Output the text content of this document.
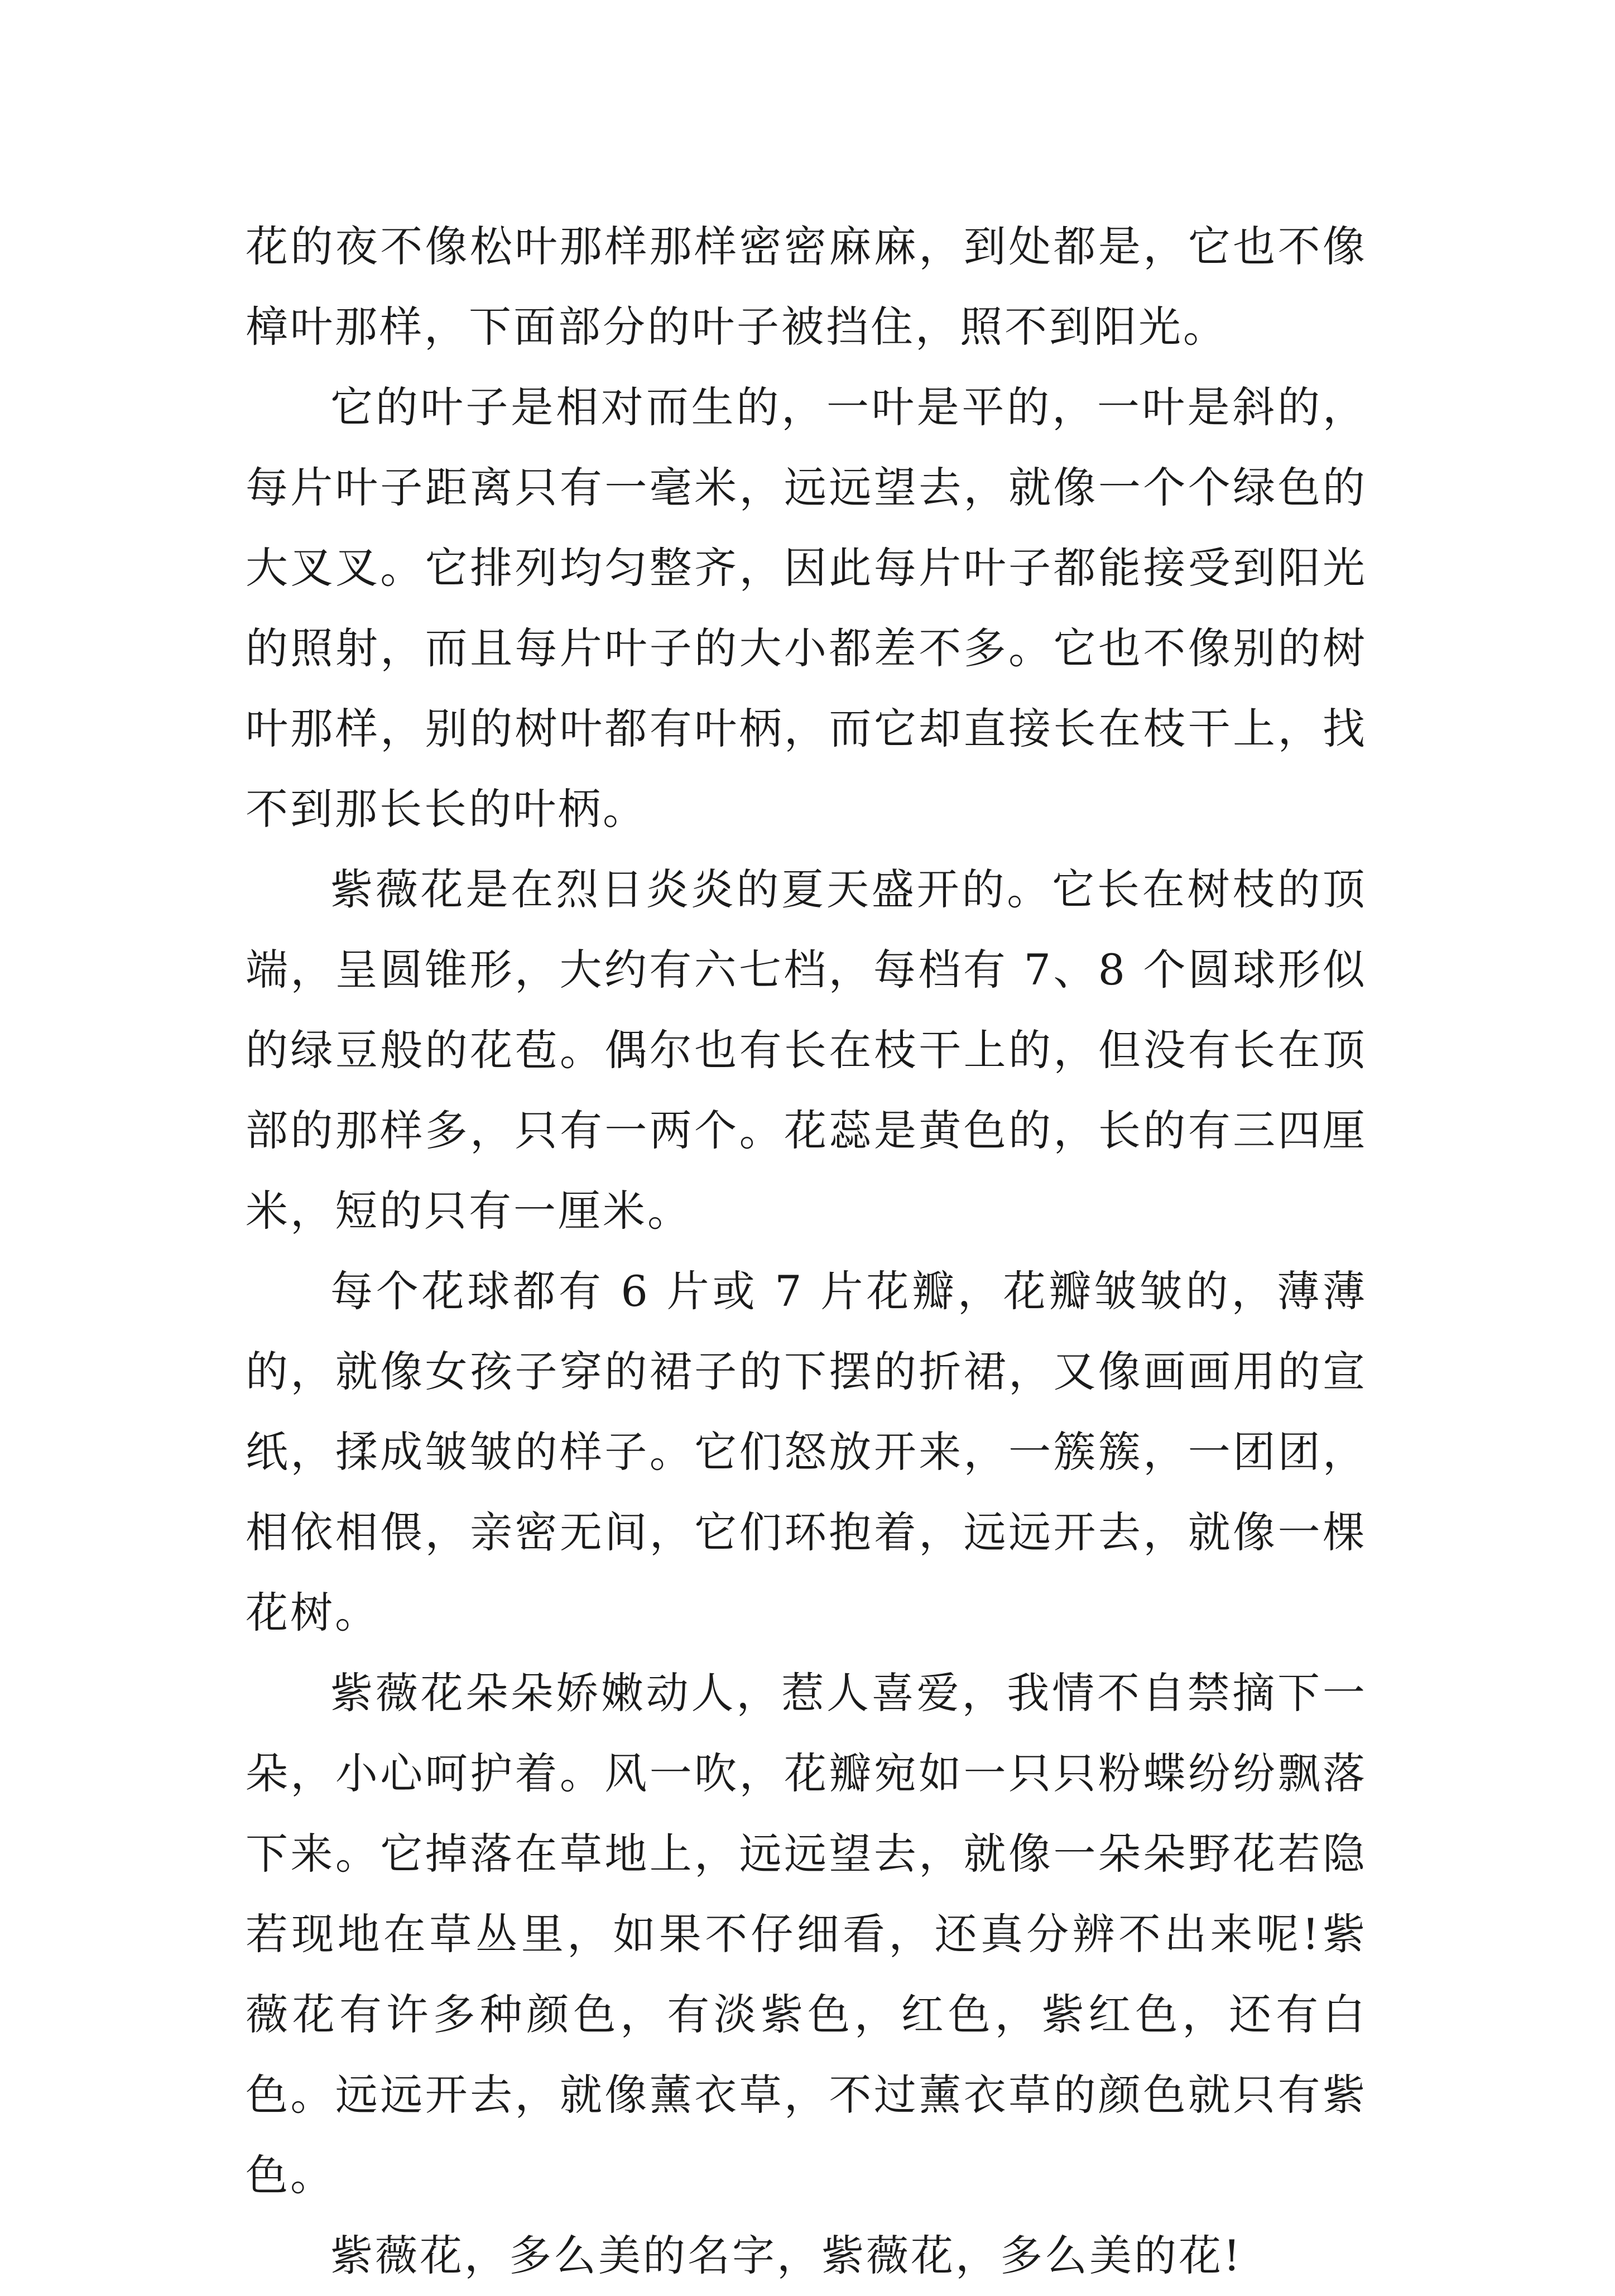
花的夜不像松叶那样那样密密麻麻，到处都是，它也不像樟叶那样，下面部分的叶子被挡住，照不到阳光。

它的叶子是相对而生的，一叶是平的，一叶是斜的，每片叶子距离只有一毫米，远远望去，就像一个个绿色的大叉叉。它排列均匀整齐，因此每片叶子都能接受到阳光的照射，而且每片叶子的大小都差不多。它也不像别的树叶那样，别的树叶都有叶柄，而它却直接长在枝干上，找不到那长长的叶柄。

紫薇花是在烈日炎炎的夏天盛开的。它长在树枝的顶端，呈圆锥形，大约有六七档，每档有 7、8 个圆球形似的绿豆般的花苞。偶尔也有长在枝干上的，但没有长在顶部的那样多，只有一两个。花蕊是黄色的，长的有三四厘米，短的只有一厘米。

每个花球都有 6 片或 7 片花瓣，花瓣皱皱的，薄薄的，就像女孩子穿的裙子的下摆的折裙，又像画画用的宣纸，揉成皱皱的样子。它们怒放开来，一簇簇，一团团，相依相偎，亲密无间，它们环抱着，远远开去，就像一棵花树。

紫薇花朵朵娇嫩动人，惹人喜爱，我情不自禁摘下一朵，小心呵护着。风一吹，花瓣宛如一只只粉蝶纷纷飘落下来。它掉落在草地上，远远望去，就像一朵朵野花若隐若现地在草丛里，如果不仔细看，还真分辨不出来呢!紫薇花有许多种颜色，有淡紫色，红色，紫红色，还有白色。远远开去，就像薰衣草，不过薰衣草的颜色就只有紫色。

紫薇花，多么美的名字，紫薇花，多么美的花!
